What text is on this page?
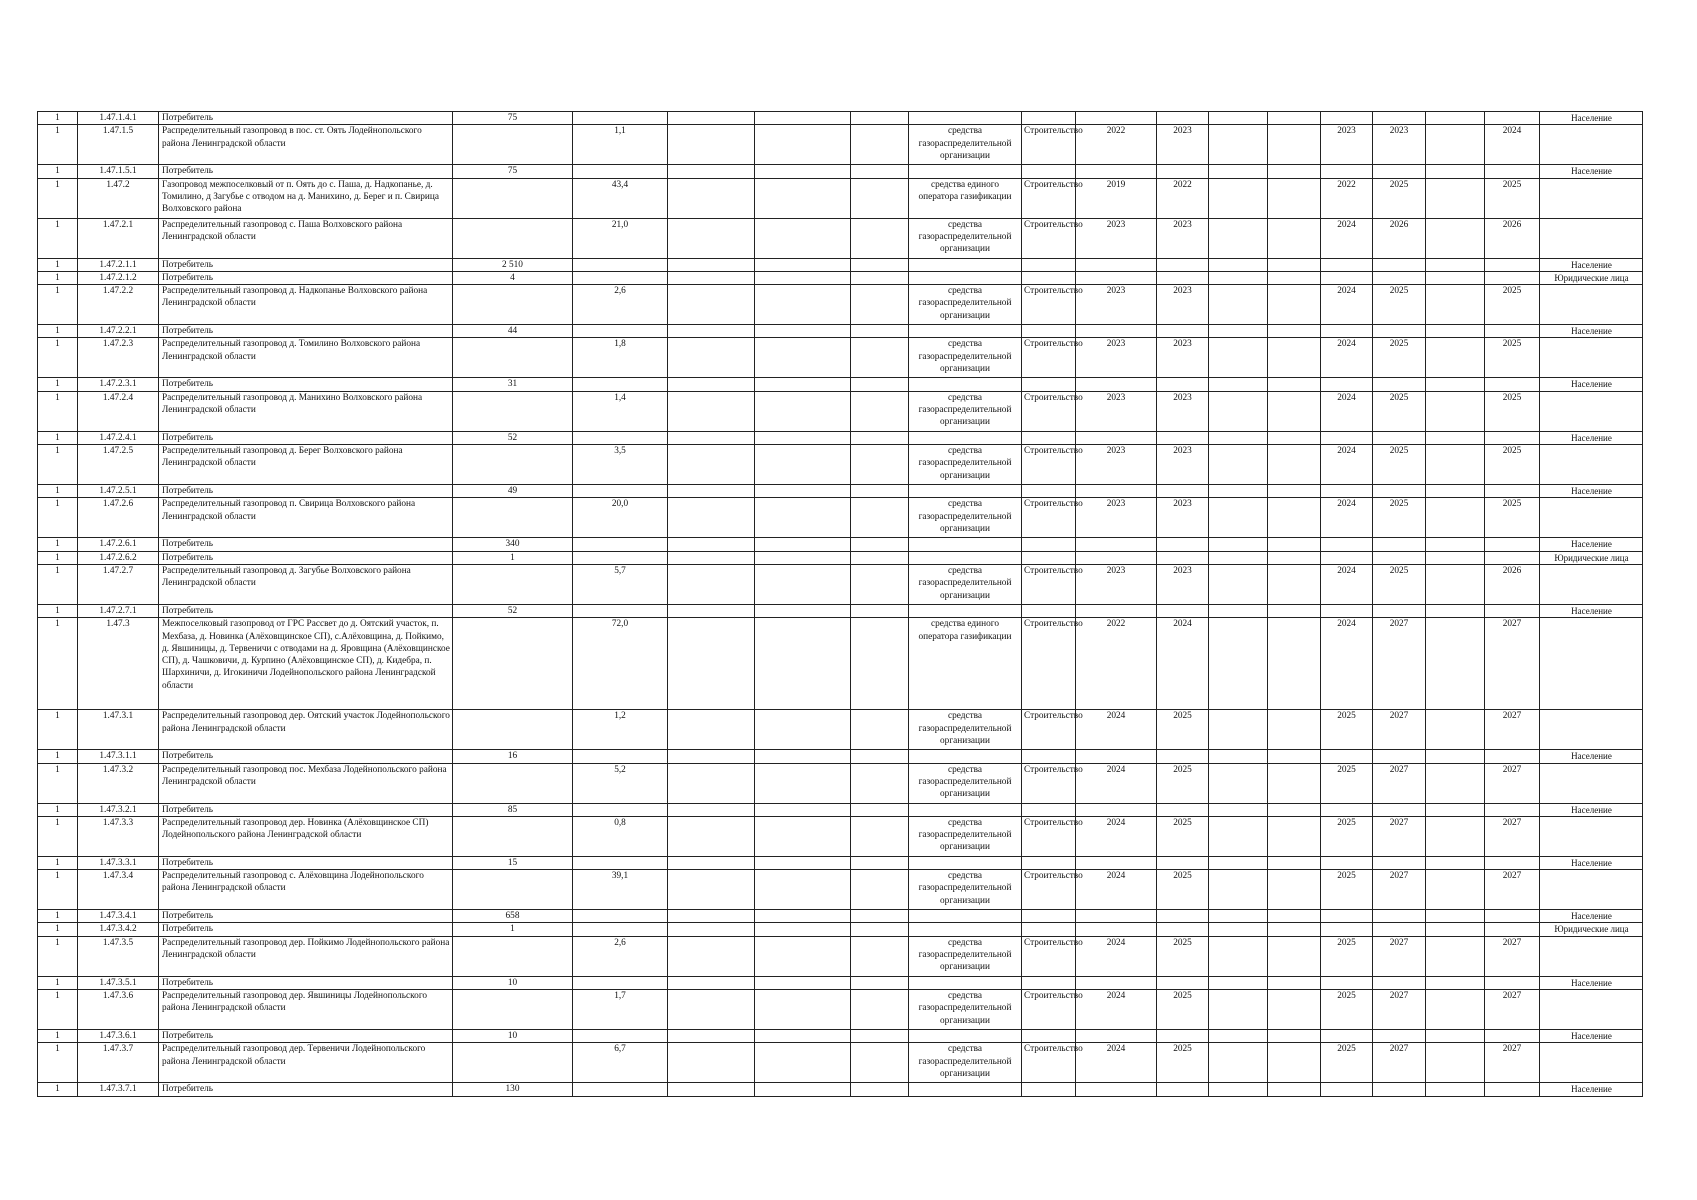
1	1.47.1.4.1	Потребитель	75															Население
1	1.47.1.5	Распределительный газопровод в пос. ст. Оять Лодейнопольского района Ленинградской области		1,1				средства газораспределительной организации	Строительство	2022	2023			2023	2023		2024	
1	1.47.1.5.1	Потребитель	75															Население
1	1.47.2	Газопровод межпоселковый от п. Оять до с. Паша, д. Надкопанье, д. Томилино, д Загубье с отводом на д. Манихино, д. Берег и п. Свирица Волховского района		43,4				средства единого оператора газификации	Строительство	2019	2022			2022	2025		2025	
1	1.47.2.1	Распределительный газопровод с. Паша Волховского района Ленинградской области		21,0				средства газораспределительной организации	Строительство	2023	2023			2024	2026		2026	
1	1.47.2.1.1	Потребитель	2 510															Население
1	1.47.2.1.2	Потребитель	4															Юридические лица
1	1.47.2.2	Распределительный газопровод д. Надкопанье Волховского района Ленинградской области		2,6				средства газораспределительной организации	Строительство	2023	2023			2024	2025		2025	
1	1.47.2.2.1	Потребитель	44															Население
1	1.47.2.3	Распределительный газопровод д. Томилино Волховского района Ленинградской области		1,8				средства газораспределительной организации	Строительство	2023	2023			2024	2025		2025	
1	1.47.2.3.1	Потребитель	31															Население
1	1.47.2.4	Распределительный газопровод д. Манихино Волховского района Ленинградской области		1,4				средства газораспределительной организации	Строительство	2023	2023			2024	2025		2025	
1	1.47.2.4.1	Потребитель	52															Население
1	1.47.2.5	Распределительный газопровод д. Берег Волховского района Ленинградской области		3,5				средства газораспределительной организации	Строительство	2023	2023			2024	2025		2025	
1	1.47.2.5.1	Потребитель	49															Население
1	1.47.2.6	Распределительный газопровод п. Свирица Волховского района Ленинградской области		20,0				средства газораспределительной организации	Строительство	2023	2023			2024	2025		2025	
1	1.47.2.6.1	Потребитель	340															Население
1	1.47.2.6.2	Потребитель	1															Юридические лица
1	1.47.2.7	Распределительный газопровод д. Загубье Волховского района Ленинградской области		5,7				средства газораспределительной организации	Строительство	2023	2023			2024	2025		2026	
1	1.47.2.7.1	Потребитель	52															Население
1	1.47.3	Межпоселковый газопровод от ГРС Рассвет до д. Оятский участок, п. Мехбаза, д. Новинка (Алёховщинское СП), с.Алёховщина, д. Пойкимо, д. Явшиницы, д. Тервеничи с отводами на д. Яровщина (Алёховщинское СП), д. Чашковичи, д. Курпино (Алёховщинское СП), д. Кидебра, п. Шархиничи, д. Игокиничи Лодейнопольского района Ленинградской области		72,0				средства единого оператора газификации	Строительство	2022	2024			2024	2027		2027	
1	1.47.3.1	Распределительный газопровод дер. Оятский участок Лодейнопольского района Ленинградской области		1,2				средства газораспределительной организации	Строительство	2024	2025			2025	2027		2027	
1	1.47.3.1.1	Потребитель	16															Население
1	1.47.3.2	Распределительный газопровод пос. Мехбаза Лодейнопольского района Ленинградской области		5,2				средства газораспределительной организации	Строительство	2024	2025			2025	2027		2027	
1	1.47.3.2.1	Потребитель	85															Население
1	1.47.3.3	Распределительный газопровод дер. Новинка (Алёховщинское СП) Лодейнопольского района Ленинградской области		0,8				средства газораспределительной организации	Строительство	2024	2025			2025	2027		2027	
1	1.47.3.3.1	Потребитель	15															Население
1	1.47.3.4	Распределительный газопровод с. Алёховщина Лодейнопольского района Ленинградской области		39,1				средства газораспределительной организации	Строительство	2024	2025			2025	2027		2027	
1	1.47.3.4.1	Потребитель	658															Население
1	1.47.3.4.2	Потребитель	1															Юридические лица
1	1.47.3.5	Распределительный газопровод дер. Пойкимо Лодейнопольского района Ленинградской области		2,6				средства газораспределительной организации	Строительство	2024	2025			2025	2027		2027	
1	1.47.3.5.1	Потребитель	10															Население
1	1.47.3.6	Распределительный газопровод дер. Явшиницы Лодейнопольского района Ленинградской области		1,7				средства газораспределительной организации	Строительство	2024	2025			2025	2027		2027	
1	1.47.3.6.1	Потребитель	10															Население
1	1.47.3.7	Распределительный газопровод дер. Тервеничи Лодейнопольского района Ленинградской области		6,7				средства газораспределительной организации	Строительство	2024	2025			2025	2027		2027	
1	1.47.3.7.1	Потребитель	130															Население
